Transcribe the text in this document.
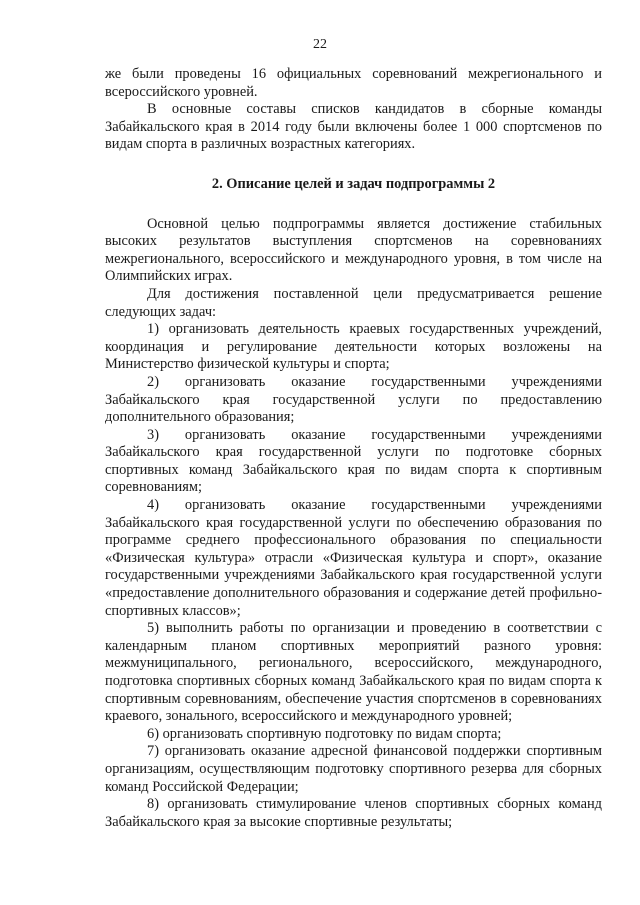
22

же были проведены 16 официальных соревнований межрегионального и всероссийского уровней.

В основные составы списков кандидатов в сборные команды Забайкальского края в 2014 году были включены более 1 000 спортсменов по видам спорта в различных возрастных категориях.

2. Описание целей и задач подпрограммы 2

Основной целью подпрограммы является достижение стабильных высоких результатов выступления спортсменов на соревнованиях межрегионального, всероссийского и международного уровня, в том числе на Олимпийских играх.

Для достижения поставленной цели предусматривается решение следующих задач:

1) организовать деятельность краевых государственных учреждений, координация и регулирование деятельности которых возложены на Министерство физической культуры и спорта;

2) организовать оказание государственными учреждениями Забайкальского края государственной услуги по предоставлению дополнительного образования;

3) организовать оказание государственными учреждениями Забайкальского края государственной услуги по подготовке сборных спортивных команд Забайкальского края по видам спорта к спортивным соревнованиям;

4) организовать оказание государственными учреждениями Забайкальского края государственной услуги по обеспечению образования по программе среднего профессионального образования по специальности «Физическая культура» отрасли «Физическая культура и спорт», оказание государственными учреждениями Забайкальского края государственной услуги «предоставление дополнительного образования и содержание детей профильно-спортивных классов»;

5) выполнить работы по организации и проведению в соответствии с календарным планом спортивных мероприятий разного уровня: межмуниципального, регионального, всероссийского, международного, подготовка спортивных сборных команд Забайкальского края по видам спорта к спортивным соревнованиям, обеспечение участия спортсменов в соревнованиях краевого, зонального, всероссийского и международного уровней;

6) организовать спортивную подготовку по видам спорта;

7) организовать оказание адресной финансовой поддержки спортивным организациям, осуществляющим подготовку спортивного резерва для сборных команд Российской Федерации;

8) организовать стимулирование членов спортивных сборных команд Забайкальского края за высокие спортивные результаты;
